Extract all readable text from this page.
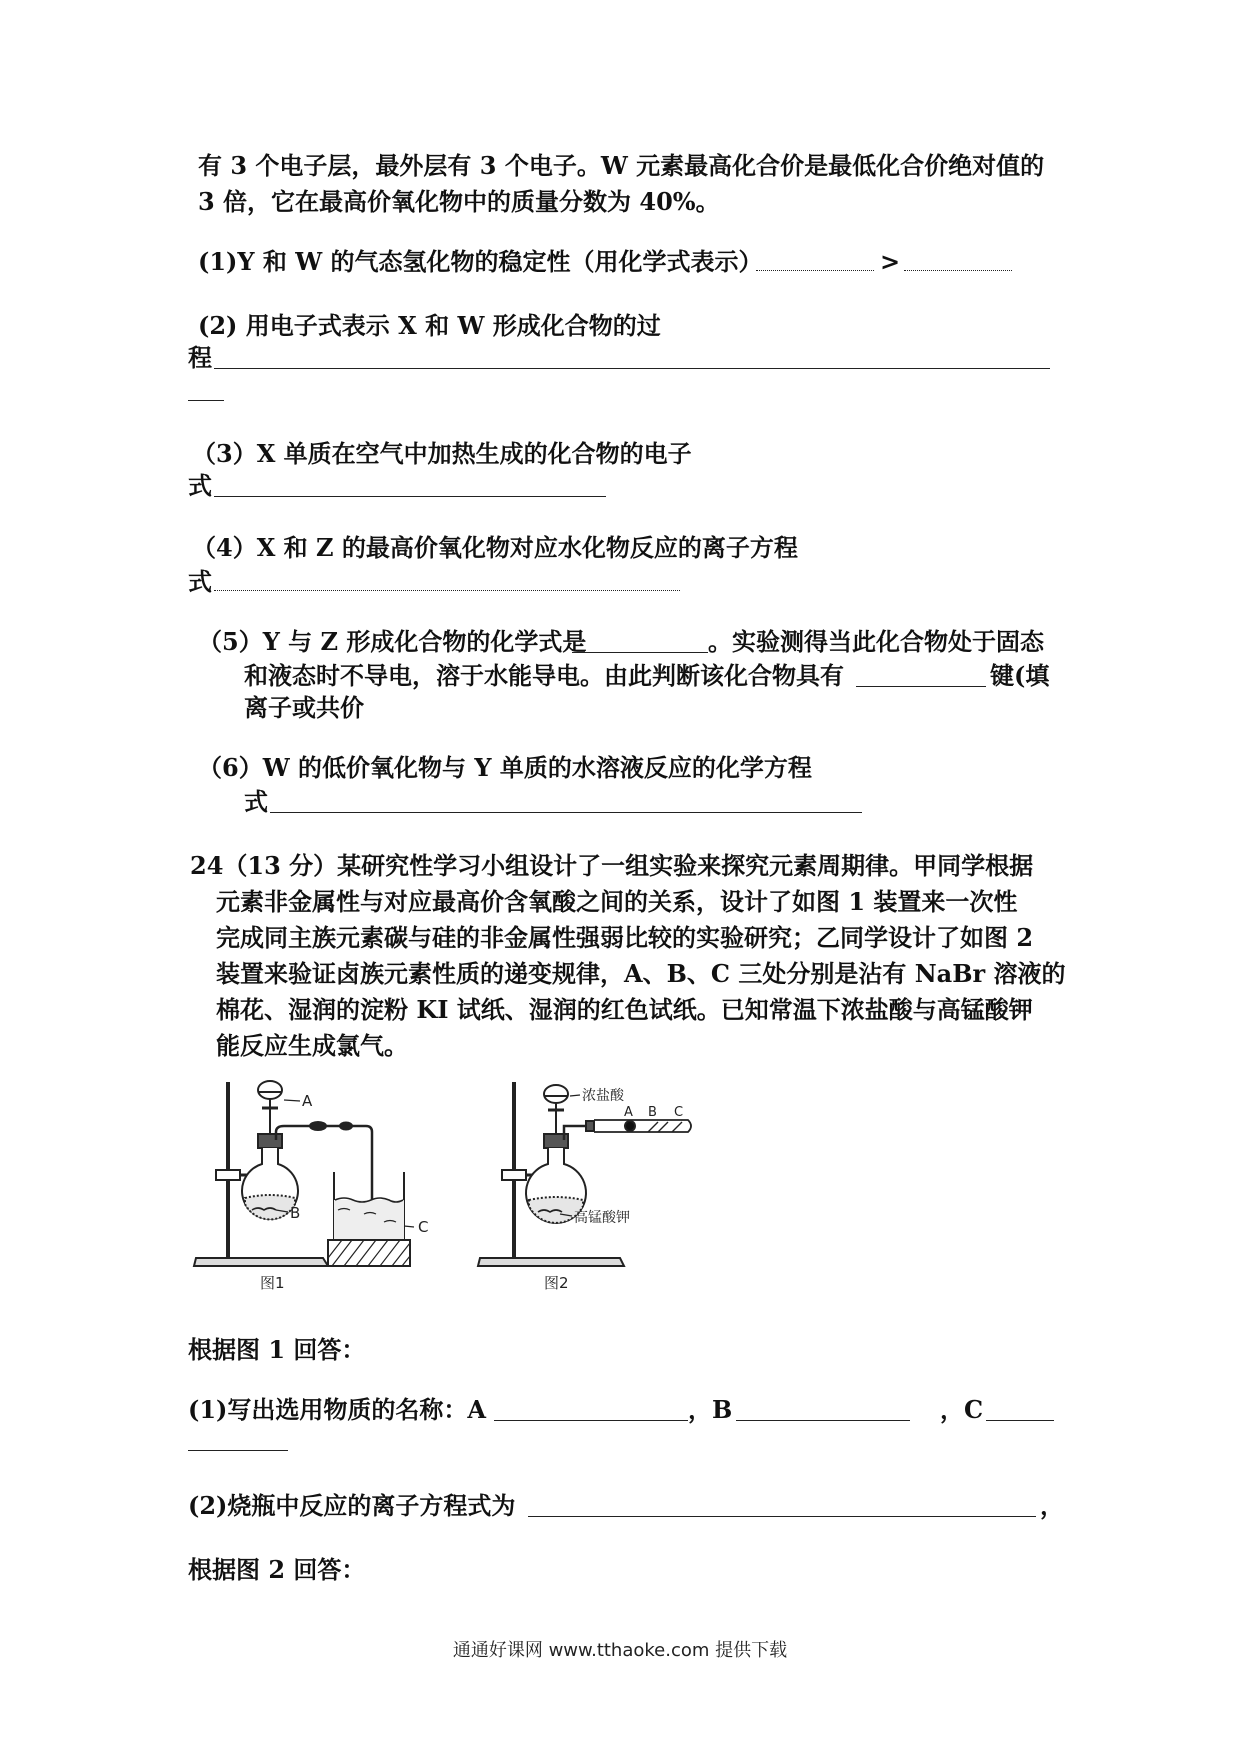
有 3 个电子层，最外层有 3 个电子。W 元素最高化合价是最低化合价绝对值的
3 倍，它在最高价氧化物中的质量分数为 40%。
(1)Y 和 W 的气态氢化物的稳定性（用化学式表示）	>
(2) 用电子式表示 X 和 W 形成化合物的过
程
（3）X 单质在空气中加热生成的化合物的电子
式
（4）X 和 Z 的最高价氧化物对应水化物反应的离子方程
式
（5）Y 与 Z 形成化合物的化学式是	。实验测得当此化合物处于固态
和液态时不导电，溶于水能导电。由此判断该化合物具有	键(填
离子或共价
（6）W 的低价氧化物与 Y 单质的水溶液反应的化学方程
式
24（13 分）某研究性学习小组设计了一组实验来探究元素周期律。甲同学根据
元素非金属性与对应最高价含氧酸之间的关系，设计了如图 1 装置来一次性
完成同主族元素碳与硅的非金属性强弱比较的实验研究；乙同学设计了如图 2
装置来验证卤族元素性质的递变规律，A、B、C 三处分别是沾有 NaBr 溶液的
棉花、湿润的淀粉 KI 试纸、湿润的红色试纸。已知常温下浓盐酸与高锰酸钾
能反应生成氯气。
A
B
C
图1
浓盐酸
A B C
高锰酸钾
图2
根据图 1 回答：
(1)写出选用物质的名称：A	，B	，C
(2)烧瓶中反应的离子方程式为	，
根据图 2 回答：
通通好课网 www.tthaoke.com 提供下载
